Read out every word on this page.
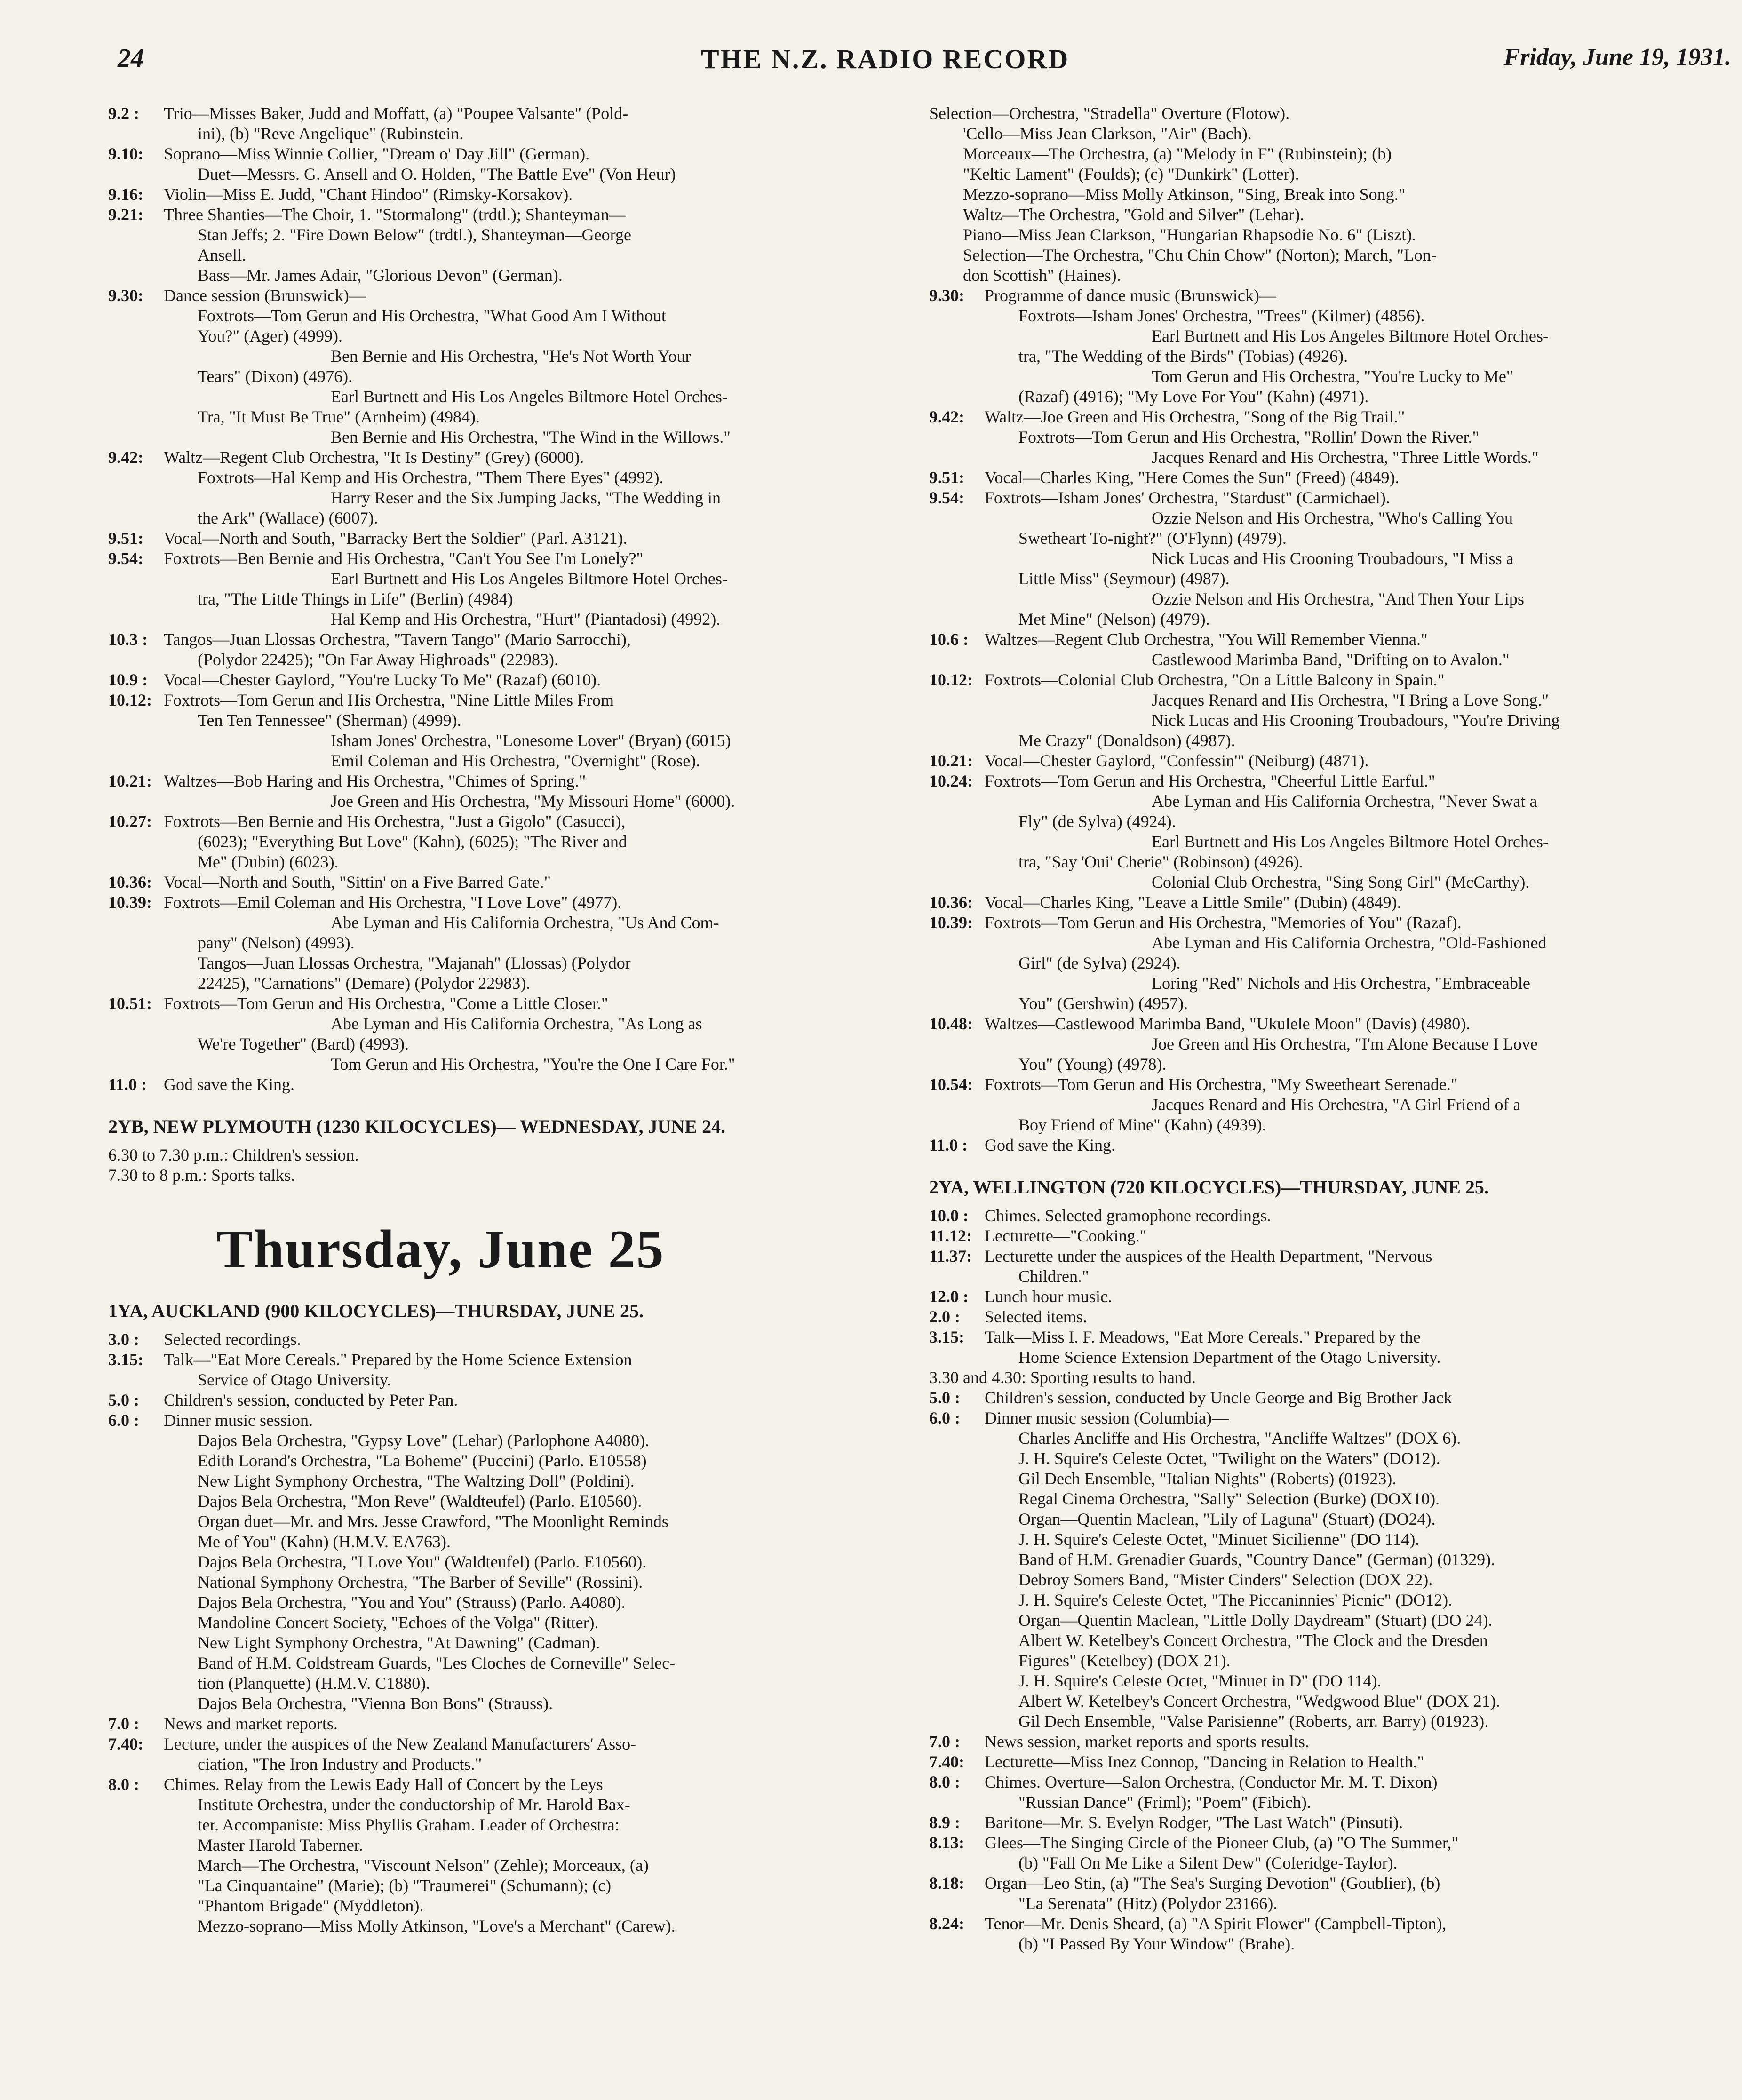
24	THE N.Z. RADIO RECORD	Friday, June 19, 1931.
9.2 :	Trio—Misses Baker, Judd and Moffatt, (a) "Poupee Valsante" (Pold-
ini), (b) "Reve Angelique" (Rubinstein.
9.10:	Soprano—Miss Winnie Collier, "Dream o' Day Jill" (German).
Duet—Messrs. G. Ansell and O. Holden, "The Battle Eve" (Von Heur)
9.16:	Violin—Miss E. Judd, "Chant Hindoo" (Rimsky-Korsakov).
9.21:	Three Shanties—The Choir, 1. "Stormalong" (trdtl.); Shanteyman—
Stan Jeffs; 2. "Fire Down Below" (trdtl.), Shanteyman—George
Ansell.
Bass—Mr. James Adair, "Glorious Devon" (German).
9.30:	Dance session (Brunswick)—
Foxtrots—Tom Gerun and His Orchestra, "What Good Am I Without
You?" (Ager) (4999).
Ben Bernie and His Orchestra, "He's Not Worth Your
Tears" (Dixon) (4976).
Earl Burtnett and His Los Angeles Biltmore Hotel Orches-
Tra, "It Must Be True" (Arnheim) (4984).
Ben Bernie and His Orchestra, "The Wind in the Willows."
9.42:	Waltz—Regent Club Orchestra, "It Is Destiny" (Grey) (6000).
Foxtrots—Hal Kemp and His Orchestra, "Them There Eyes" (4992).
Harry Reser and the Six Jumping Jacks, "The Wedding in
the Ark" (Wallace) (6007).
9.51:	Vocal—North and South, "Barracky Bert the Soldier" (Parl. A3121).
9.54:	Foxtrots—Ben Bernie and His Orchestra, "Can't You See I'm Lonely?"
Earl Burtnett and His Los Angeles Biltmore Hotel Orches-
tra, "The Little Things in Life" (Berlin) (4984)
Hal Kemp and His Orchestra, "Hurt" (Piantadosi) (4992).
10.3 : Tangos—Juan Llossas Orchestra, "Tavern Tango" (Mario Sarrocchi),
(Polydor 22425); "On Far Away Highroads" (22983).
10.9 : Vocal—Chester Gaylord, "You're Lucky To Me" (Razaf) (6010).
10.12: Foxtrots—Tom Gerun and His Orchestra, "Nine Little Miles From
Ten Ten Tennessee" (Sherman) (4999).
Isham Jones' Orchestra, "Lonesome Lover" (Bryan) (6015)
Emil Coleman and His Orchestra, "Overnight" (Rose).
10.21: Waltzes—Bob Haring and His Orchestra, "Chimes of Spring."
Joe Green and His Orchestra, "My Missouri Home" (6000).
10.27: Foxtrots—Ben Bernie and His Orchestra, "Just a Gigolo" (Casucci),
(6023); "Everything But Love" (Kahn), (6025); "The River and
Me" (Dubin) (6023).
10.36: Vocal—North and South, "Sittin' on a Five Barred Gate."
10.39: Foxtrots—Emil Coleman and His Orchestra, "I Love Love" (4977).
Abe Lyman and His California Orchestra, "Us And Com-
pany" (Nelson) (4993).
Tangos—Juan Llossas Orchestra, "Majanah" (Llossas) (Polydor
22425), "Carnations" (Demare) (Polydor 22983).
10.51: Foxtrots—Tom Gerun and His Orchestra, "Come a Little Closer."
Abe Lyman and His California Orchestra, "As Long as
We're Together" (Bard) (4993).
Tom Gerun and His Orchestra, "You're the One I Care For."
11.0 : God save the King.
2YB, NEW PLYMOUTH (1230 KILOCYCLES)— WEDNESDAY, JUNE 24.
6.30 to 7.30 p.m.: Children's session.
7.30 to 8 p.m.: Sports talks.
Thursday, June 25
1YA, AUCKLAND (900 KILOCYCLES)—THURSDAY, JUNE 25.
3.0 :	Selected recordings.
3.15:	Talk—"Eat More Cereals." Prepared by the Home Science Extension
Service of Otago University.
5.0 :	Children's session, conducted by Peter Pan.
6.0 :	Dinner music session.
Dajos Bela Orchestra, "Gypsy Love" (Lehar) (Parlophone A4080).
Edith Lorand's Orchestra, "La Boheme" (Puccini) (Parlo. E10558)
New Light Symphony Orchestra, "The Waltzing Doll" (Poldini).
Dajos Bela Orchestra, "Mon Reve" (Waldteufel) (Parlo. E10560).
Organ duet—Mr. and Mrs. Jesse Crawford, "The Moonlight Reminds
Me of You" (Kahn) (H.M.V. EA763).
Dajos Bela Orchestra, "I Love You" (Waldteufel) (Parlo. E10560).
National Symphony Orchestra, "The Barber of Seville" (Rossini).
Dajos Bela Orchestra, "You and You" (Strauss) (Parlo. A4080).
Mandoline Concert Society, "Echoes of the Volga" (Ritter).
New Light Symphony Orchestra, "At Dawning" (Cadman).
Band of H.M. Coldstream Guards, "Les Cloches de Corneville" Selec-
tion (Planquette) (H.M.V. C1880).
Dajos Bela Orchestra, "Vienna Bon Bons" (Strauss).
7.0 :	News and market reports.
7.40:	Lecture, under the auspices of the New Zealand Manufacturers' Asso-
ciation, "The Iron Industry and Products."
8.0 :	Chimes. Relay from the Lewis Eady Hall of Concert by the Leys
Institute Orchestra, under the conductorship of Mr. Harold Bax-
ter. Accompaniste: Miss Phyllis Graham. Leader of Orchestra:
Master Harold Taberner.
March—The Orchestra, "Viscount Nelson" (Zehle); Morceaux, (a)
"La Cinquantaine" (Marie); (b) "Traumerei" (Schumann); (c)
"Phantom Brigade" (Myddleton).
Mezzo-soprano—Miss Molly Atkinson, "Love's a Merchant" (Carew).
Selection—Orchestra, "Stradella" Overture (Flotow).
'Cello—Miss Jean Clarkson, "Air" (Bach).
Morceaux—The Orchestra, (a) "Melody in F" (Rubinstein); (b)
"Keltic Lament" (Foulds); (c) "Dunkirk" (Lotter).
Mezzo-soprano—Miss Molly Atkinson, "Sing, Break into Song."
Waltz—The Orchestra, "Gold and Silver" (Lehar).
Piano—Miss Jean Clarkson, "Hungarian Rhapsodie No. 6" (Liszt).
Selection—The Orchestra, "Chu Chin Chow" (Norton); March, "Lon-
don Scottish" (Haines).
9.30:	Programme of dance music (Brunswick)—
Foxtrots—Isham Jones' Orchestra, "Trees" (Kilmer) (4856).
Earl Burtnett and His Los Angeles Biltmore Hotel Orches-
tra, "The Wedding of the Birds" (Tobias) (4926).
Tom Gerun and His Orchestra, "You're Lucky to Me"
(Razaf) (4916); "My Love For You" (Kahn) (4971).
9.42:	Waltz—Joe Green and His Orchestra, "Song of the Big Trail."
Foxtrots—Tom Gerun and His Orchestra, "Rollin' Down the River."
Jacques Renard and His Orchestra, "Three Little Words."
9.51:	Vocal—Charles King, "Here Comes the Sun" (Freed) (4849).
9.54:	Foxtrots—Isham Jones' Orchestra, "Stardust" (Carmichael).
Ozzie Nelson and His Orchestra, "Who's Calling You
Swetheart To-night?" (O'Flynn) (4979).
Nick Lucas and His Crooning Troubadours, "I Miss a
Little Miss" (Seymour) (4987).
Ozzie Nelson and His Orchestra, "And Then Your Lips
Met Mine" (Nelson) (4979).
10.6 : Waltzes—Regent Club Orchestra, "You Will Remember Vienna."
Castlewood Marimba Band, "Drifting on to Avalon."
10.12: Foxtrots—Colonial Club Orchestra, "On a Little Balcony in Spain."
Jacques Renard and His Orchestra, "I Bring a Love Song."
Nick Lucas and His Crooning Troubadours, "You're Driving
Me Crazy" (Donaldson) (4987).
10.21: Vocal—Chester Gaylord, "Confessin'" (Neiburg) (4871).
10.24: Foxtrots—Tom Gerun and His Orchestra, "Cheerful Little Earful."
Abe Lyman and His California Orchestra, "Never Swat a
Fly" (de Sylva) (4924).
Earl Burtnett and His Los Angeles Biltmore Hotel Orches-
tra, "Say 'Oui' Cherie" (Robinson) (4926).
Colonial Club Orchestra, "Sing Song Girl" (McCarthy).
10.36: Vocal—Charles King, "Leave a Little Smile" (Dubin) (4849).
10.39: Foxtrots—Tom Gerun and His Orchestra, "Memories of You" (Razaf).
Abe Lyman and His California Orchestra, "Old-Fashioned
Girl" (de Sylva) (2924).
Loring "Red" Nichols and His Orchestra, "Embraceable
You" (Gershwin) (4957).
10.48: Waltzes—Castlewood Marimba Band, "Ukulele Moon" (Davis) (4980).
Joe Green and His Orchestra, "I'm Alone Because I Love
You" (Young) (4978).
10.54: Foxtrots—Tom Gerun and His Orchestra, "My Sweetheart Serenade."
Jacques Renard and His Orchestra, "A Girl Friend of a
Boy Friend of Mine" (Kahn) (4939).
11.0 : God save the King.
2YA, WELLINGTON (720 KILOCYCLES)—THURSDAY, JUNE 25.
10.0 : Chimes. Selected gramophone recordings.
11.12: Lecturette—"Cooking."
11.37: Lecturette under the auspices of the Health Department, "Nervous
Children."
12.0 : Lunch hour music.
2.0 :	Selected items.
3.15:	Talk—Miss I. F. Meadows, "Eat More Cereals." Prepared by the
Home Science Extension Department of the Otago University.
3.30 and 4.30: Sporting results to hand.
5.0 :	Children's session, conducted by Uncle George and Big Brother Jack
6.0 :	Dinner music session (Columbia)—
Charles Ancliffe and His Orchestra, "Ancliffe Waltzes" (DOX 6).
J. H. Squire's Celeste Octet, "Twilight on the Waters" (DO12).
Gil Dech Ensemble, "Italian Nights" (Roberts) (01923).
Regal Cinema Orchestra, "Sally" Selection (Burke) (DOX10).
Organ—Quentin Maclean, "Lily of Laguna" (Stuart) (DO24).
J. H. Squire's Celeste Octet, "Minuet Sicilienne" (DO 114).
Band of H.M. Grenadier Guards, "Country Dance" (German) (01329).
Debroy Somers Band, "Mister Cinders" Selection (DOX 22).
J. H. Squire's Celeste Octet, "The Piccaninnies' Picnic" (DO12).
Organ—Quentin Maclean, "Little Dolly Daydream" (Stuart) (DO 24).
Albert W. Ketelbey's Concert Orchestra, "The Clock and the Dresden
Figures" (Ketelbey) (DOX 21).
J. H. Squire's Celeste Octet, "Minuet in D" (DO 114).
Albert W. Ketelbey's Concert Orchestra, "Wedgwood Blue" (DOX 21).
Gil Dech Ensemble, "Valse Parisienne" (Roberts, arr. Barry) (01923).
7.0 :	News session, market reports and sports results.
7.40:	Lecturette—Miss Inez Connop, "Dancing in Relation to Health."
8.0 :	Chimes. Overture—Salon Orchestra, (Conductor Mr. M. T. Dixon)
"Russian Dance" (Friml); "Poem" (Fibich).
8.9 :	Baritone—Mr. S. Evelyn Rodger, "The Last Watch" (Pinsuti).
8.13:	Glees—The Singing Circle of the Pioneer Club, (a) "O The Summer,"
(b) "Fall On Me Like a Silent Dew" (Coleridge-Taylor).
8.18:	Organ—Leo Stin, (a) "The Sea's Surging Devotion" (Goublier), (b)
"La Serenata" (Hitz) (Polydor 23166).
8.24:	Tenor—Mr. Denis Sheard, (a) "A Spirit Flower" (Campbell-Tipton),
(b) "I Passed By Your Window" (Brahe).
